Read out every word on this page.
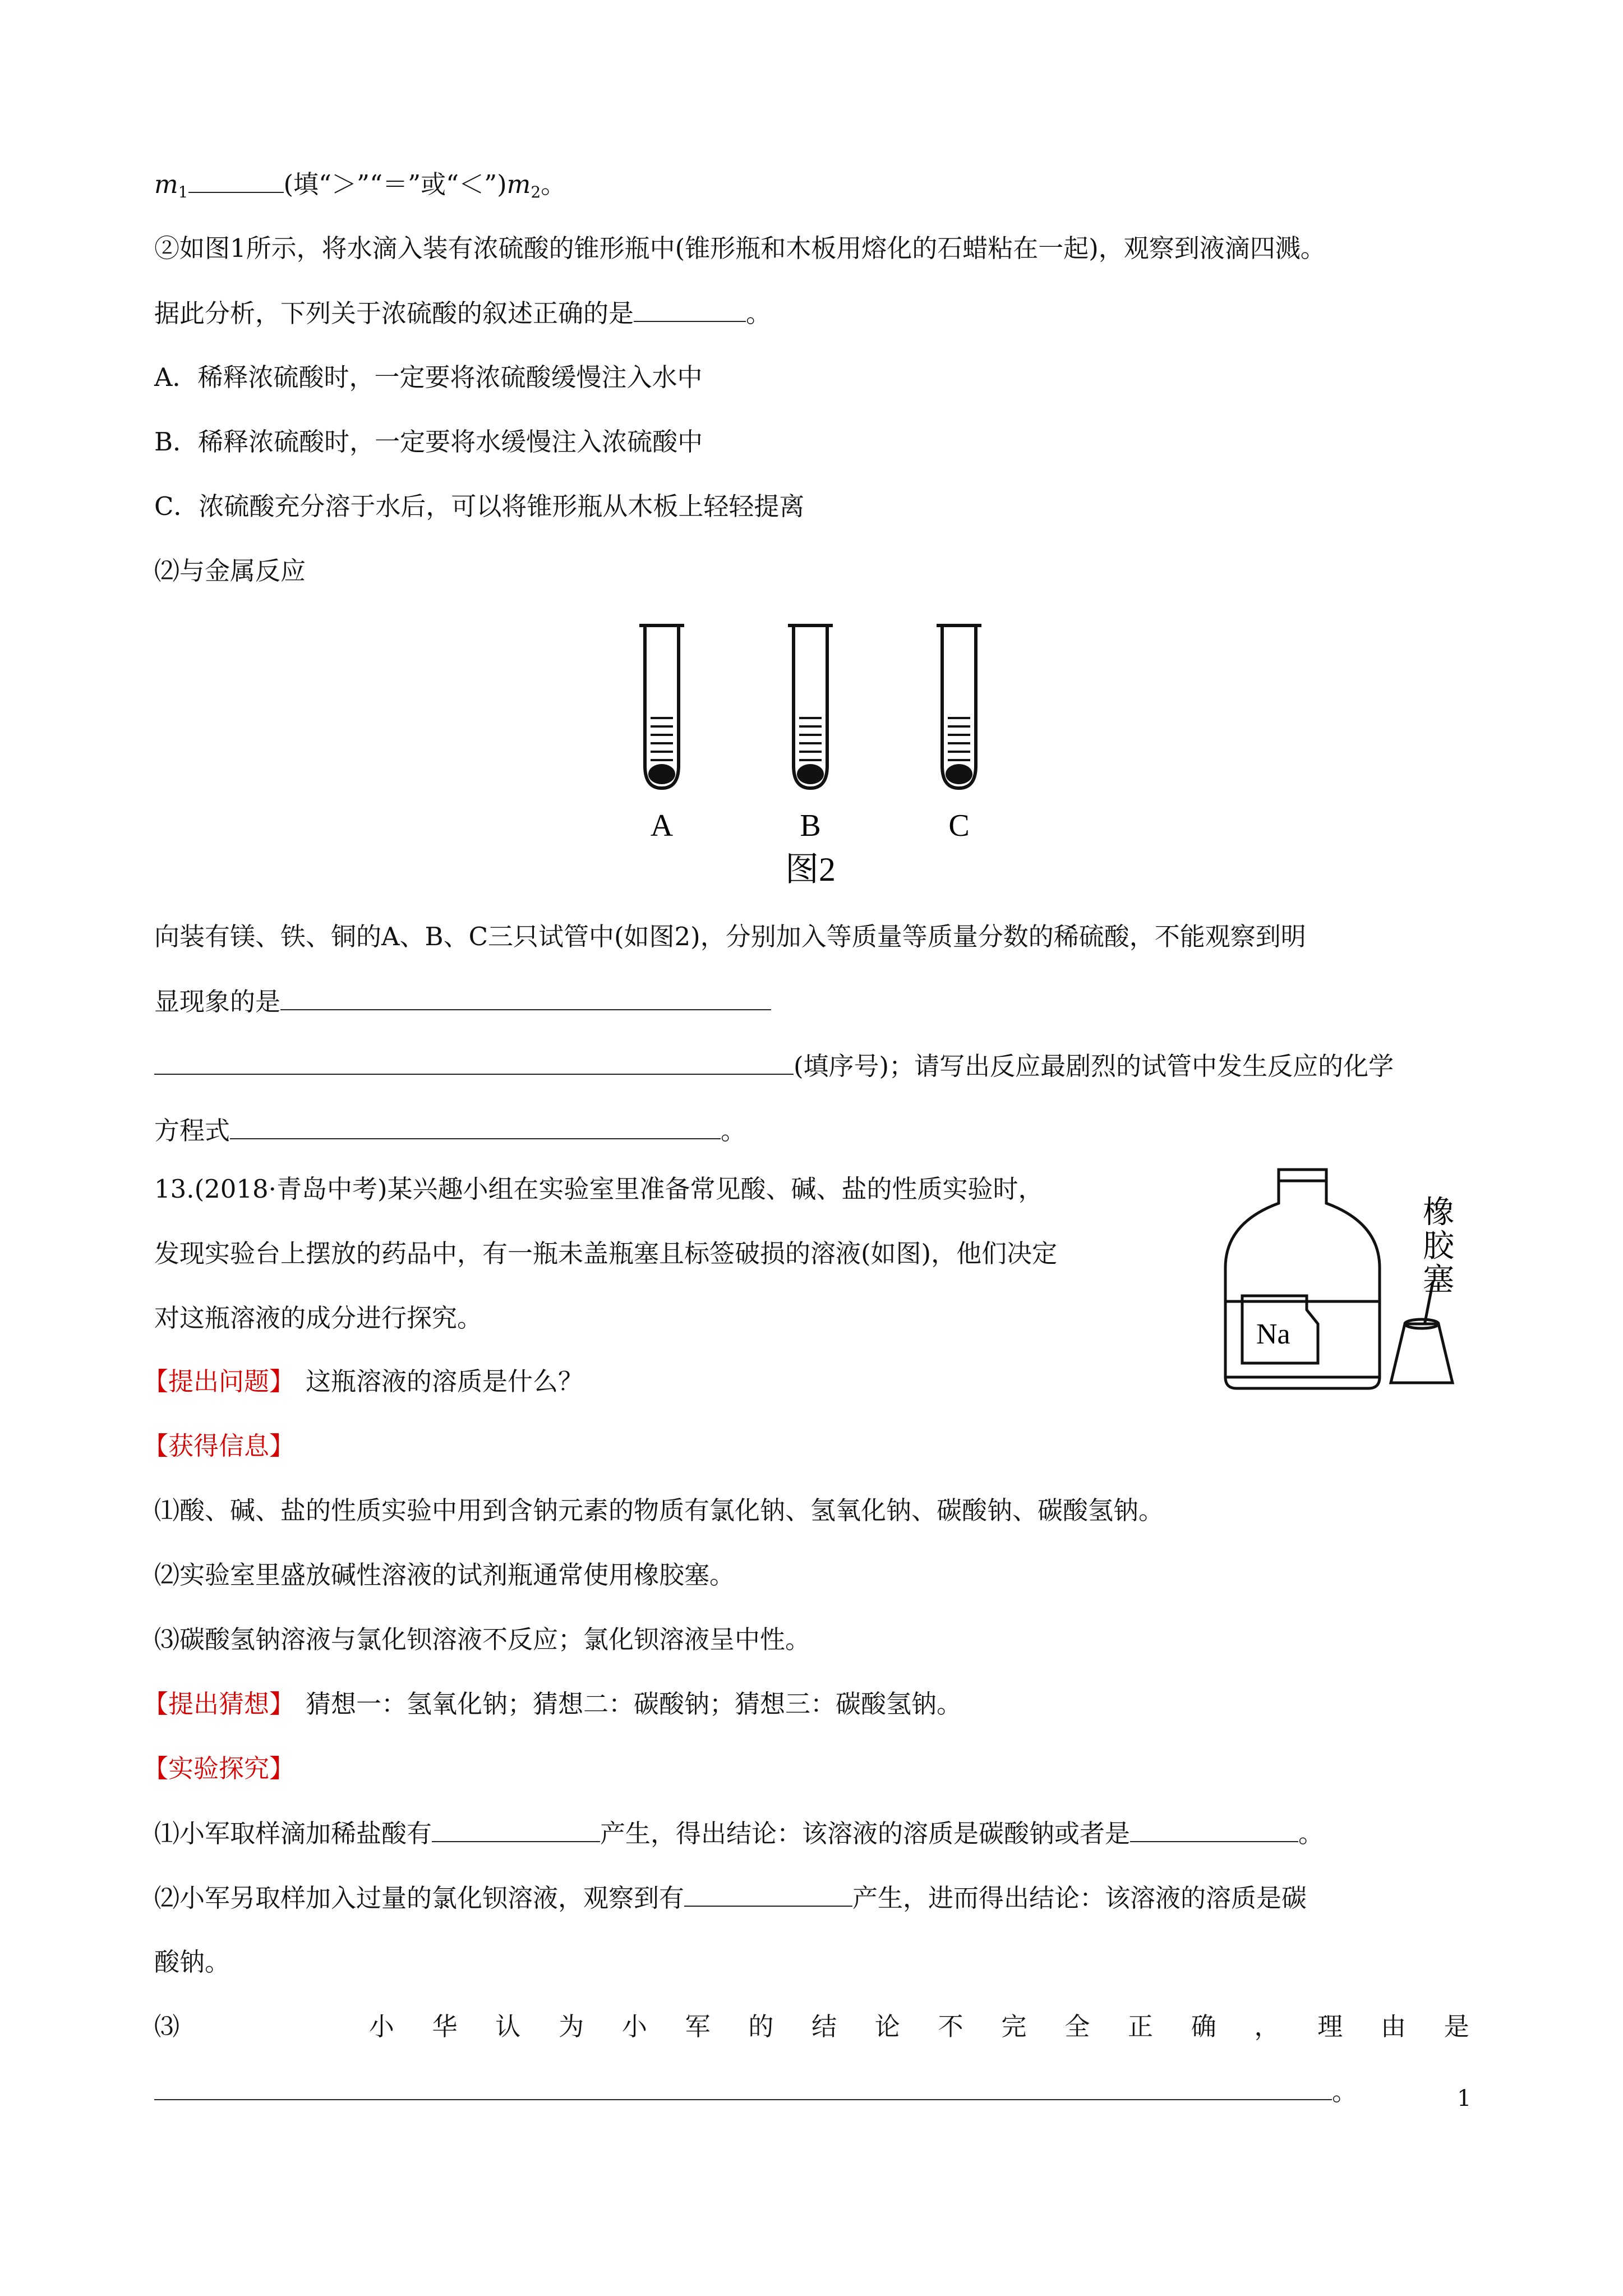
$m_1$	(填“＞”“＝”或“$<”)m_2$。
②如图1所示，将水滴入装有浓硫酸的锥形瓶中(锥形瓶和木板用熔化的石蜡粘在一起)，观察到液滴四溅。
据此分析，下列关于浓硫酸的叙述正确的是	。
A．稀释浓硫酸时，一定要将浓硫酸缓慢注入水中
B．稀释浓硫酸时，一定要将水缓慢注入浓硫酸中
C．浓硫酸充分溶于水后，可以将锥形瓶从木板上轻轻提离
⑵与金属反应
A	B	C
图2
向装有镁、铁、铜的A、B、C三只试管中(如图2)，分别加入等质量等质量分数的稀硫酸，不能观察到明
显现象的是
(填序号)；请写出反应最剧烈的试管中发生反应的化学
方程式	。
13.(2018·青岛中考)某兴趣小组在实验室里准备常见酸、碱、盐的性质实验时，
发现实验台上摆放的药品中，有一瓶未盖瓶塞且标签破损的溶液(如图)，他们决定
对这瓶溶液的成分进行探究。
Na
橡
胶
塞
【提出问题】 这瓶溶液的溶质是什么？
【获得信息】
⑴酸、碱、盐的性质实验中用到含钠元素的物质有氯化钠、氢氧化钠、碳酸钠、碳酸氢钠。
⑵实验室里盛放碱性溶液的试剂瓶通常使用橡胶塞。
⑶碳酸氢钠溶液与氯化钡溶液不反应；氯化钡溶液呈中性。
【提出猜想】 猜想一：氢氧化钠；猜想二：碳酸钠；猜想三：碳酸氢钠。
【实验探究】
⑴小军取样滴加稀盐酸有	产生，得出结论：该溶液的溶质是碳酸钠或者是	。
⑵小军另取样加入过量的氯化钡溶液，观察到有	产生，进而得出结论：该溶液的溶质是碳
酸钠。
⑶	小 华 认 为 小 军 的 结 论 不 完 全 正 确 ， 理 由 是
。	1
